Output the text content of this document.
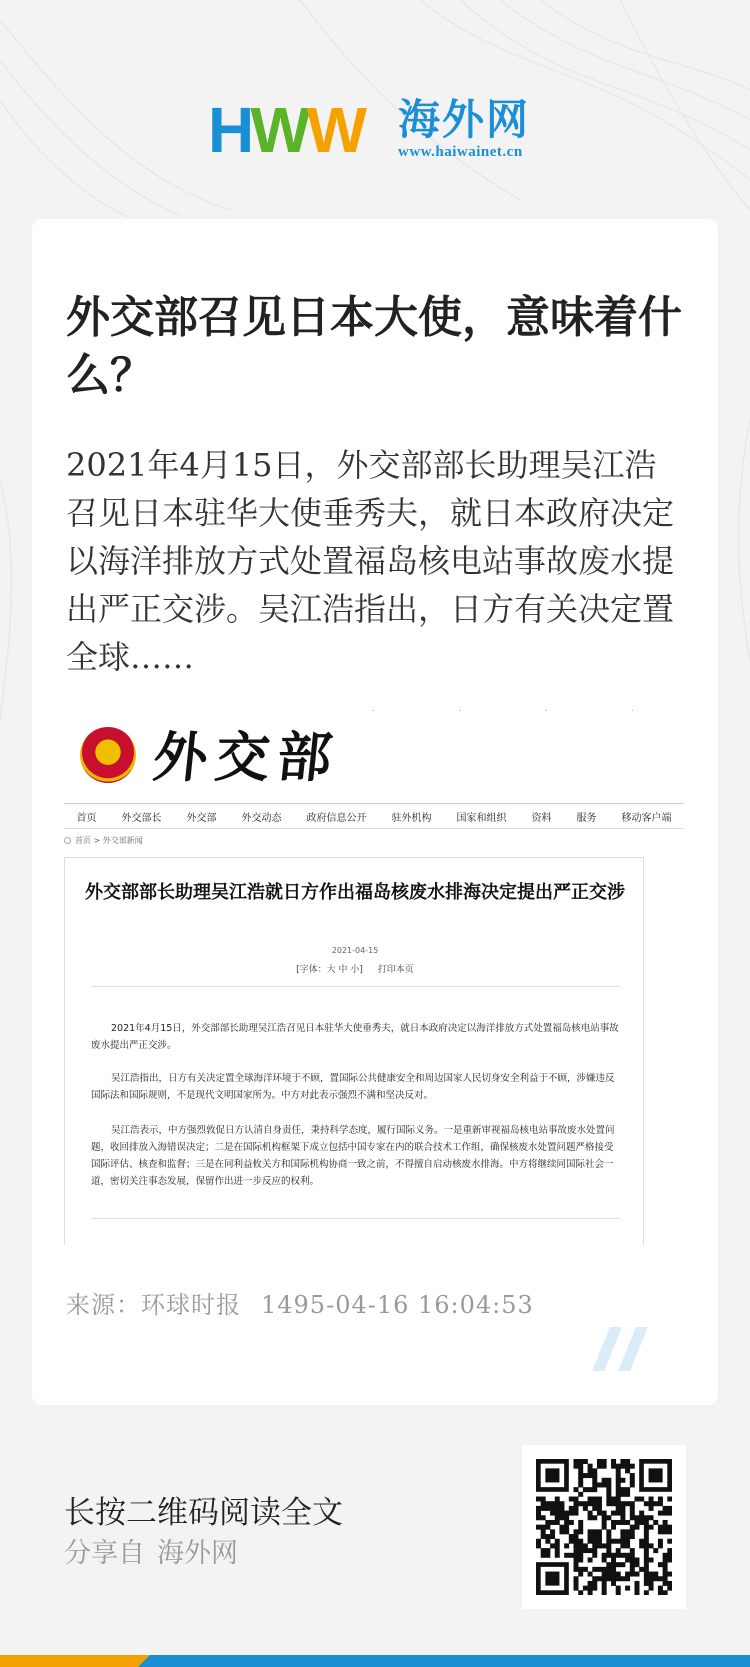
HWW 海外网
www.haiwainet.cn
外交部召见日本大使，意味着什么？

2021年4月15日，外交部部长助理吴江浩召见日本驻华大使垂秀夫，就日本政府决定以海洋排放方式处置福岛核电站事故废水提出严正交涉。吴江浩指出，日方有关决定置全球……

. . . .
外交部
首页	外交部长	外交部	外交动态	政府信息公开	驻外机构	国家和组织	资料	服务	移动客户端
首页 > 外交部新闻
外交部部长助理吴江浩就日方作出福岛核废水排海决定提出严正交涉
2021-04-15
[字体：大 中 小] 打印本页

2021年4月15日，外交部部长助理吴江浩召见日本驻华大使垂秀夫，就日本政府决定以海洋排放方式处置福岛核电站事故废水提出严正交涉。

吴江浩指出，日方有关决定置全球海洋环境于不顾，置国际公共健康安全和周边国家人民切身安全利益于不顾，涉嫌违反国际法和国际规则，不是现代文明国家所为。中方对此表示强烈不满和坚决反对。

吴江浩表示，中方强烈敦促日方认清自身责任，秉持科学态度，履行国际义务。一是重新审视福岛核电站事故废水处置问题，收回排放入海错误决定；二是在国际机构框架下成立包括中国专家在内的联合技术工作组，确保核废水处置问题严格接受国际评估、核查和监督；三是在同利益攸关方和国际机构协商一致之前，不得擅自启动核废水排海。中方将继续同国际社会一道，密切关注事态发展，保留作出进一步反应的权利。

来源：环球时报 1495-04-16 16:04:53
长按二维码阅读全文
分享自 海外网
